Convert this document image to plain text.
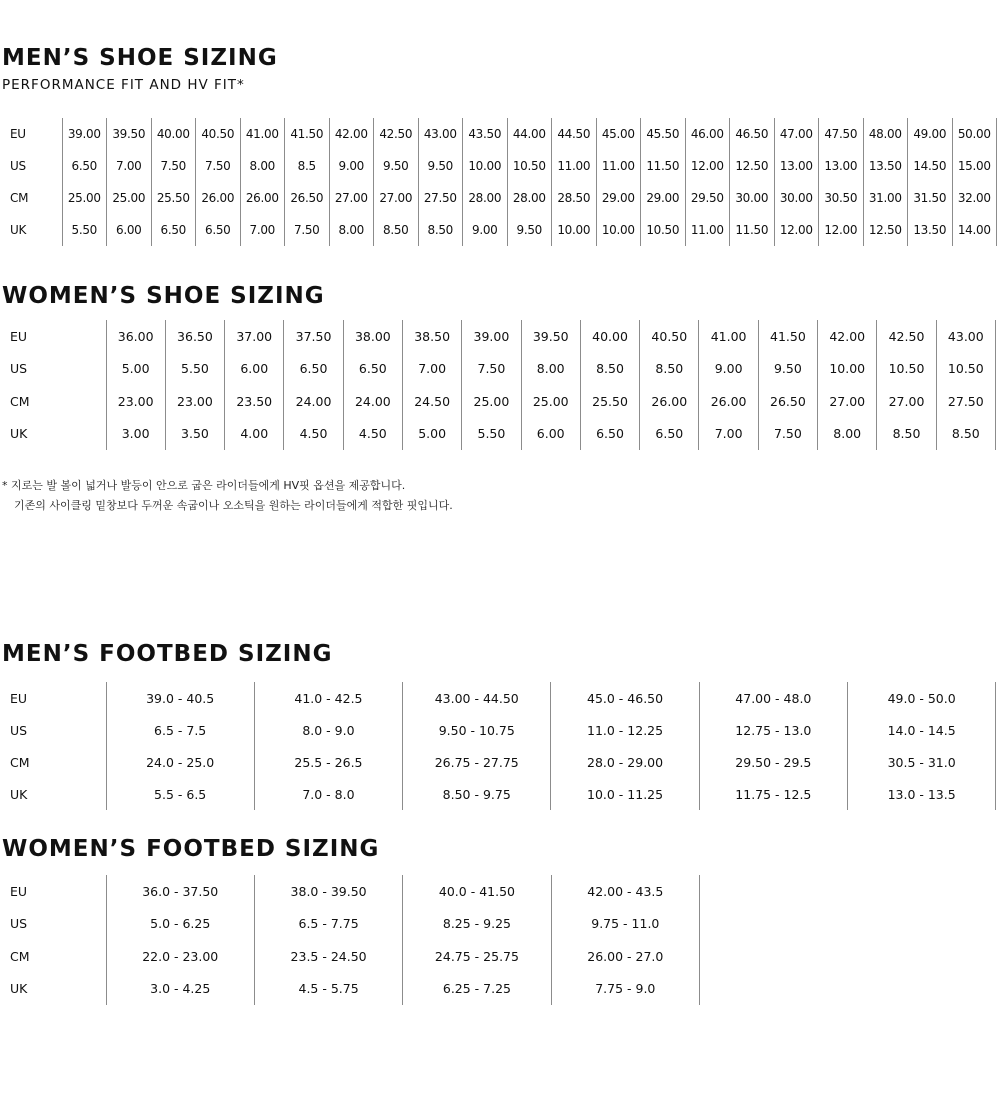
MEN’S SHOE SIZING
PERFORMANCE FIT AND HV FIT*
EU	39.00	39.50	40.00	40.50	41.00	41.50	42.00	42.50	43.00	43.50	44.00	44.50	45.00	45.50	46.00	46.50	47.00	47.50	48.00	49.00	50.00
US	6.50	7.00	7.50	7.50	8.00	8.5	9.00	9.50	9.50	10.00	10.50	11.00	11.00	11.50	12.00	12.50	13.00	13.00	13.50	14.50	15.00
CM	25.00	25.00	25.50	26.00	26.00	26.50	27.00	27.00	27.50	28.00	28.00	28.50	29.00	29.00	29.50	30.00	30.00	30.50	31.00	31.50	32.00
UK	5.50	6.00	6.50	6.50	7.00	7.50	8.00	8.50	8.50	9.00	9.50	10.00	10.00	10.50	11.00	11.50	12.00	12.00	12.50	13.50	14.00
WOMEN’S SHOE SIZING
EU	36.00	36.50	37.00	37.50	38.00	38.50	39.00	39.50	40.00	40.50	41.00	41.50	42.00	42.50	43.00
US	5.00	5.50	6.00	6.50	6.50	7.00	7.50	8.00	8.50	8.50	9.00	9.50	10.00	10.50	10.50
CM	23.00	23.00	23.50	24.00	24.00	24.50	25.00	25.00	25.50	26.00	26.00	26.50	27.00	27.00	27.50
UK	3.00	3.50	4.00	4.50	4.50	5.00	5.50	6.00	6.50	6.50	7.00	7.50	8.00	8.50	8.50
* 지로는 발 볼이 넓거나 발등이 안으로 굽은 라이더들에게 HV핏 옵션을 제공합니다.
기존의 사이클링 밑창보다 두꺼운 속굽이나 오소틱을 원하는 라이더들에게 적합한 핏입니다.
MEN’S FOOTBED SIZING
EU	39.0 - 40.5	41.0 - 42.5	43.00 - 44.50	45.0 - 46.50	47.00 - 48.0	49.0 - 50.0
US	6.5 - 7.5	8.0 - 9.0	9.50 - 10.75	11.0 - 12.25	12.75 - 13.0	14.0 - 14.5
CM	24.0 - 25.0	25.5 - 26.5	26.75 - 27.75	28.0 - 29.00	29.50 - 29.5	30.5 - 31.0
UK	5.5 - 6.5	7.0 - 8.0	8.50 - 9.75	10.0 - 11.25	11.75 - 12.5	13.0 - 13.5
WOMEN’S FOOTBED SIZING
EU	36.0 - 37.50	38.0 - 39.50	40.0 - 41.50	42.00 - 43.5
US	5.0 - 6.25	6.5 - 7.75	8.25 - 9.25	9.75 - 11.0
CM	22.0 - 23.00	23.5 - 24.50	24.75 - 25.75	26.00 - 27.0
UK	3.0 - 4.25	4.5 - 5.75	6.25 - 7.25	7.75 - 9.0
